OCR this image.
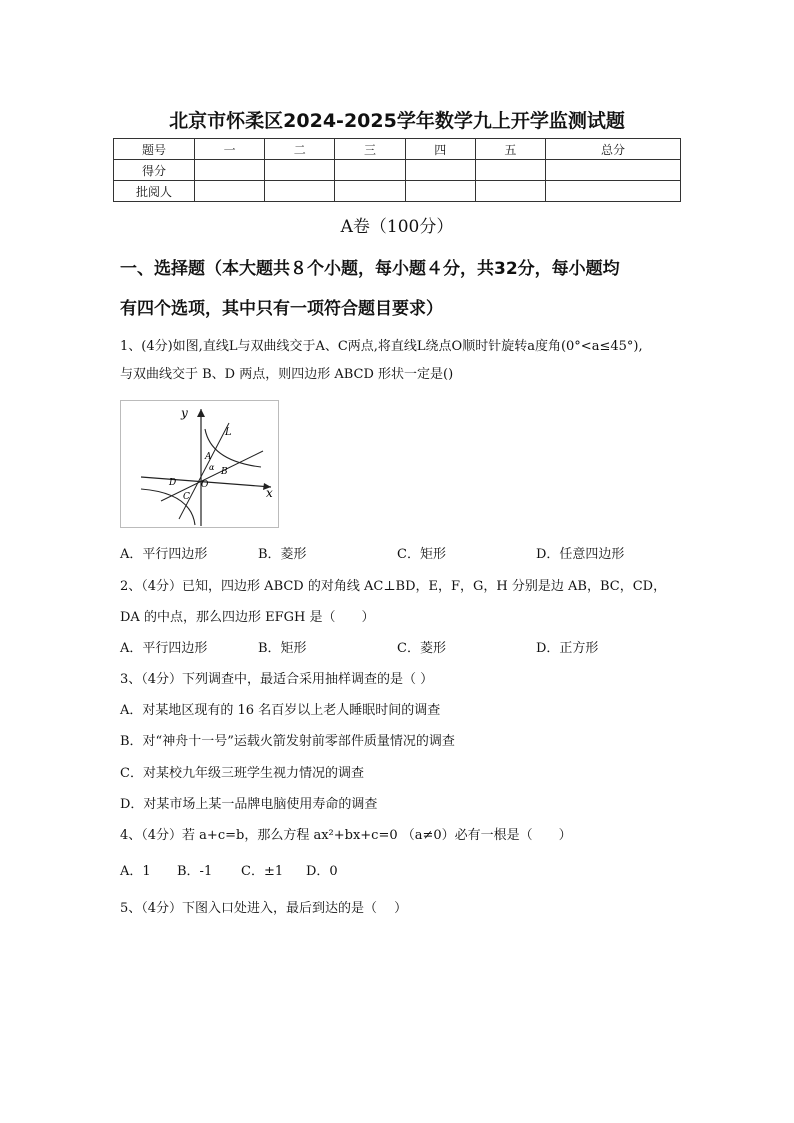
北京市怀柔区2024-2025学年数学九上开学监测试题
题号	一	二	三	四	五	总分
得分						
批阅人						
A卷（100分）
一、选择题（本大题共８个小题，每小题４分，共32分，每小题均
有四个选项，其中只有一项符合题目要求）
1、(4分)如图,直线L与双曲线交于A、C两点,将直线L绕点O顺时针旋转a度角(0°<a≤45°),
与双曲线交于 B、D 两点，则四边形 ABCD 形状一定是()
y
x
L
A
B
C
D	O
α
A．平行四边形	B．菱形	C．矩形	D．任意四边形
2、（4分）已知，四边形 ABCD 的对角线 AC⊥BD，E，F，G，H 分别是边 AB，BC，CD，
DA 的中点，那么四边形 EFGH 是（　　）
A．平行四边形	B．矩形	C．菱形	D．正方形
3、（4分）下列调查中，最适合采用抽样调查的是（ ）
A．对某地区现有的 16 名百岁以上老人睡眠时间的调查
B．对“神舟十一号”运载火箭发射前零部件质量情况的调查
C．对某校九年级三班学生视力情况的调查
D．对某市场上某一品牌电脑使用寿命的调查
4、（4分）若 a+c=b，那么方程 ax²+bx+c=0 （a≠0）必有一根是（　　）
A．1 B．-1 C．±1 D．0
5、（4分）下图入口处进入，最后到达的是（　 ）
